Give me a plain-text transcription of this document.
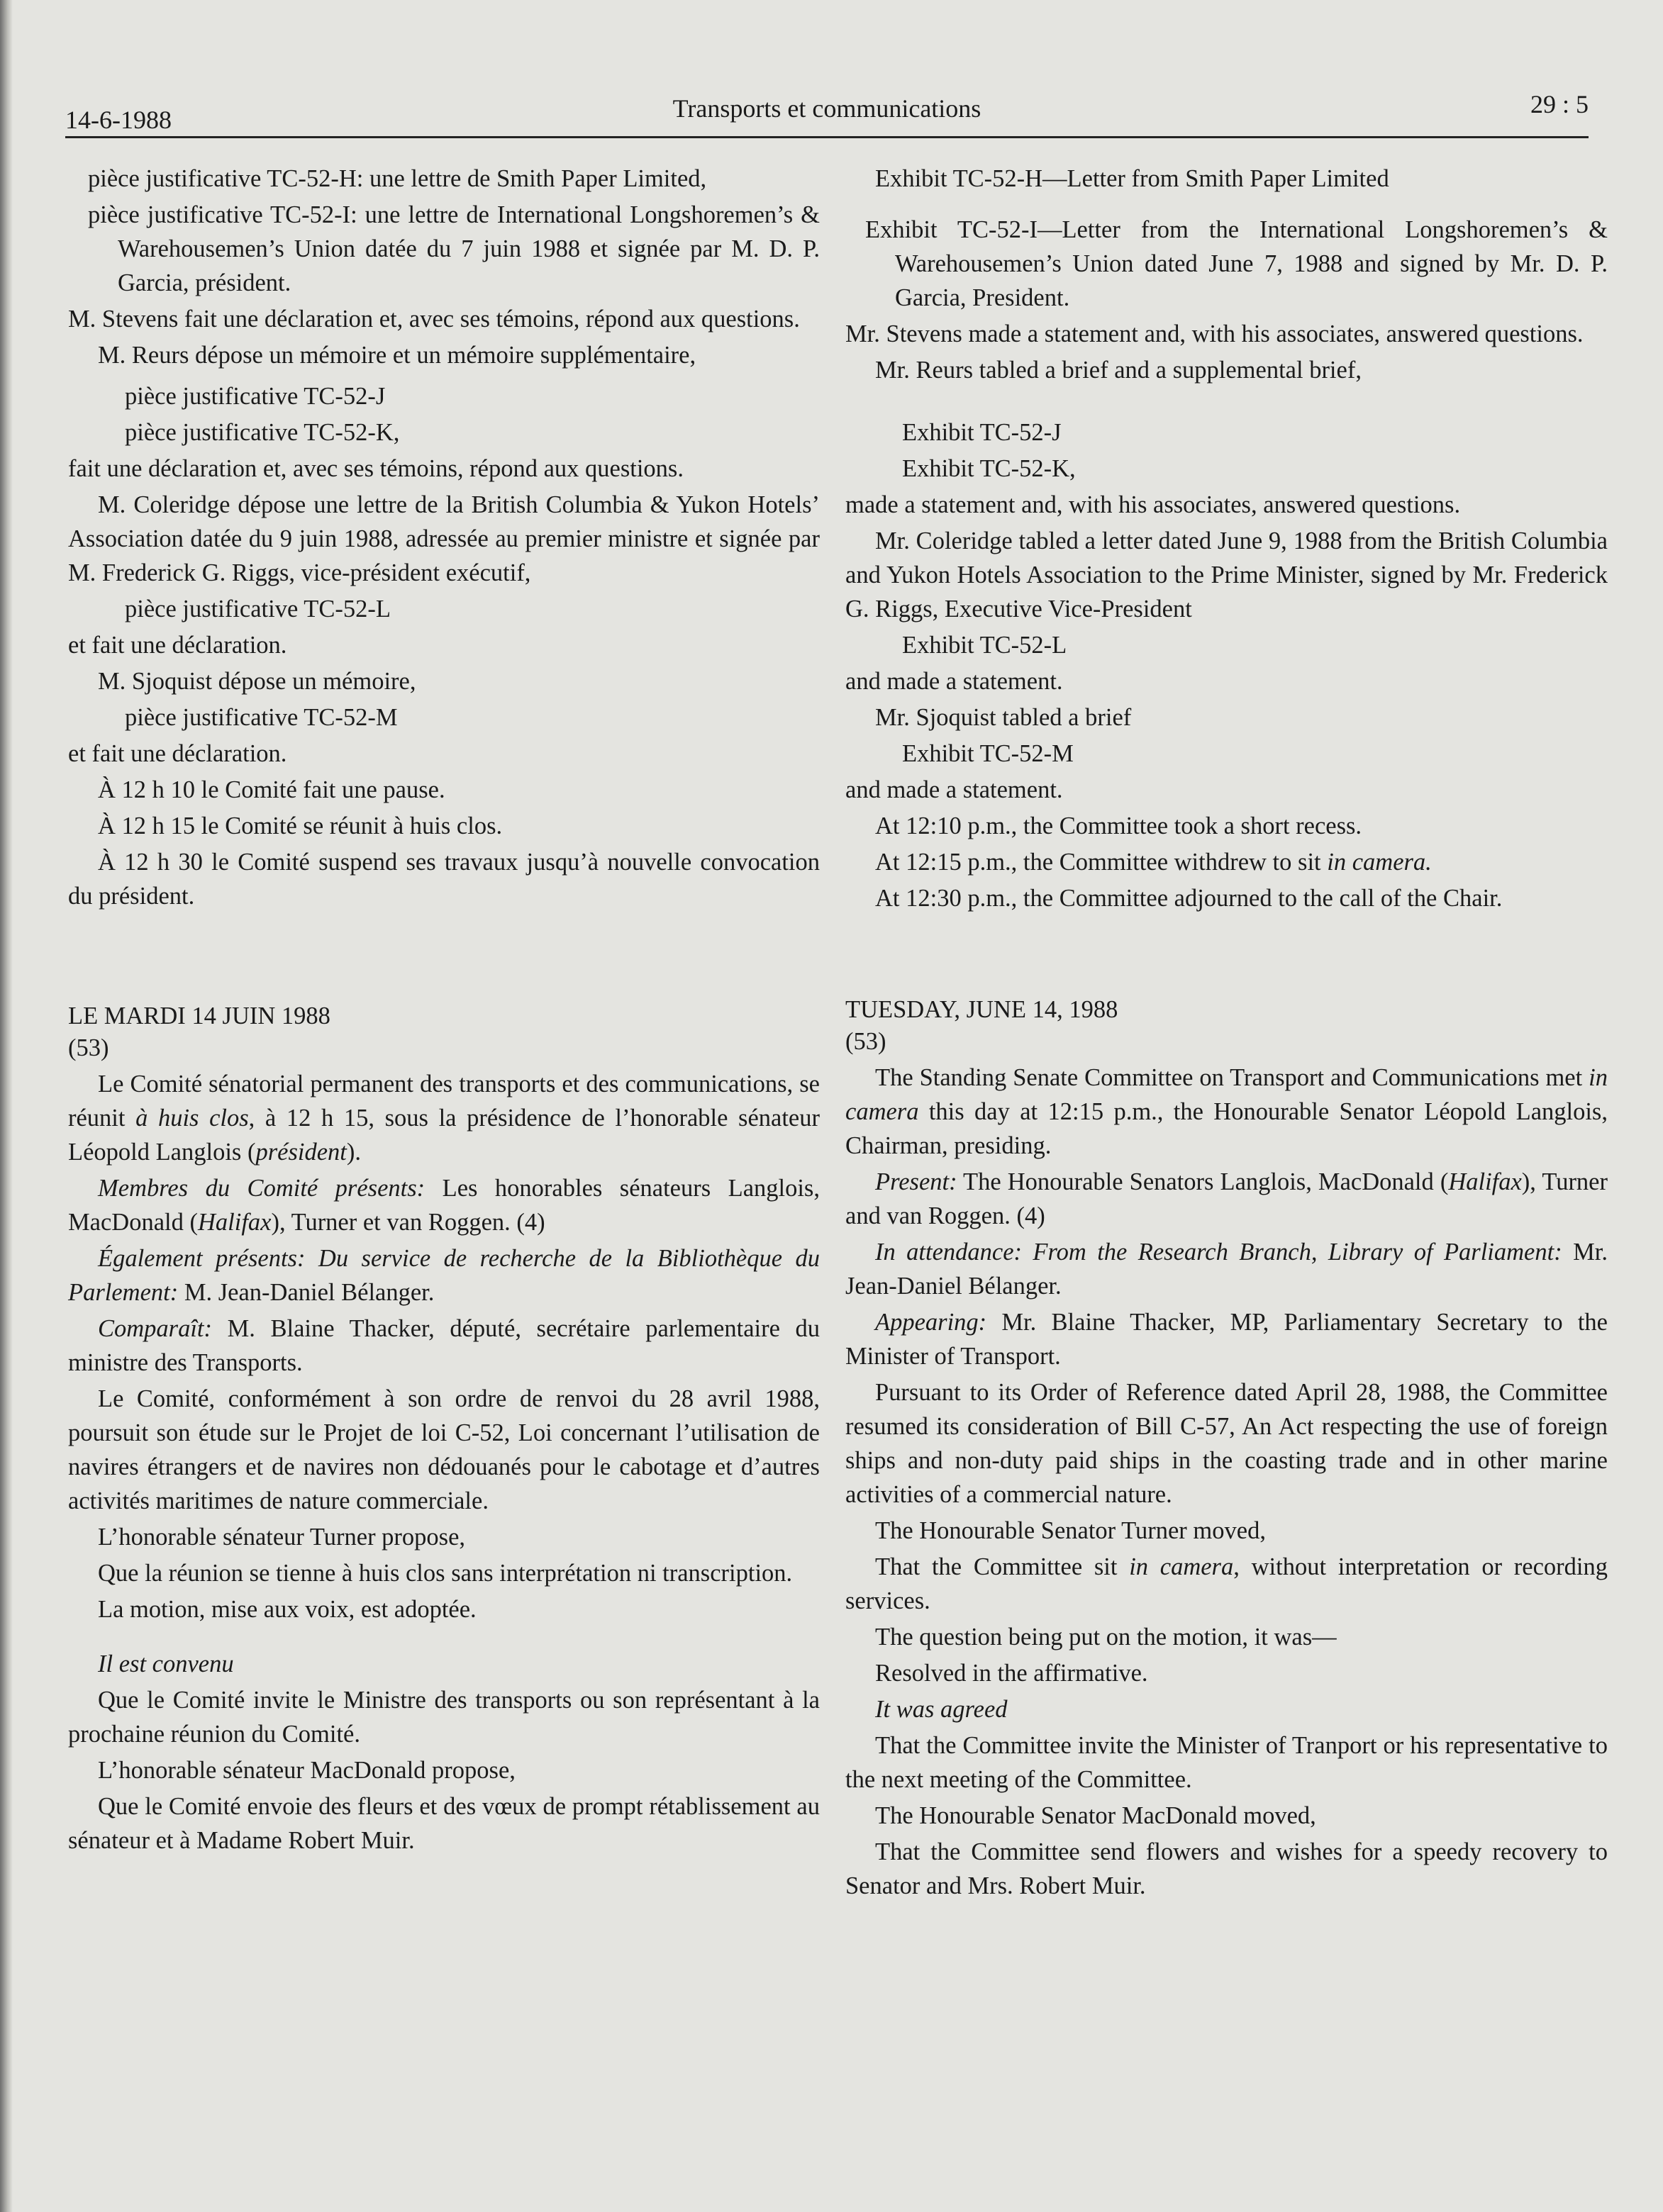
14-6-1988	Transports et communications	29 : 5

pièce justificative TC-52-H: une lettre de Smith Paper Limited,

pièce justificative TC-52-I: une lettre de International Longshoremen’s & Warehousemen’s Union datée du 7 juin 1988 et signée par M. D. P. Garcia, président.

M. Stevens fait une déclaration et, avec ses témoins, répond aux questions.

M. Reurs dépose un mémoire et un mémoire supplémentaire,

pièce justificative TC-52-J

pièce justificative TC-52-K,

fait une déclaration et, avec ses témoins, répond aux questions.

M. Coleridge dépose une lettre de la British Columbia & Yukon Hotels’ Association datée du 9 juin 1988, adressée au premier ministre et signée par M. Frederick G. Riggs, vice-président exécutif,

pièce justificative TC-52-L

et fait une déclaration.

M. Sjoquist dépose un mémoire,

pièce justificative TC-52-M

et fait une déclaration.

À 12 h 10 le Comité fait une pause.

À 12 h 15 le Comité se réunit à huis clos.

À 12 h 30 le Comité suspend ses travaux jusqu’à nouvelle convocation du président.

LE MARDI 14 JUIN 1988

(53)

Le Comité sénatorial permanent des transports et des communications, se réunit à huis clos, à 12 h 15, sous la présidence de l’honorable sénateur Léopold Langlois (président).

Membres du Comité présents: Les honorables sénateurs Langlois, MacDonald (Halifax), Turner et van Roggen. (4)

Également présents: Du service de recherche de la Bibliothèque du Parlement: M. Jean-Daniel Bélanger.

Comparaît: M. Blaine Thacker, député, secrétaire parlementaire du ministre des Transports.

Le Comité, conformément à son ordre de renvoi du 28 avril 1988, poursuit son étude sur le Projet de loi C-52, Loi concernant l’utilisation de navires étrangers et de navires non dédouanés pour le cabotage et d’autres activités maritimes de nature commerciale.

L’honorable sénateur Turner propose,

Que la réunion se tienne à huis clos sans interprétation ni transcription.

La motion, mise aux voix, est adoptée.

Il est convenu

Que le Comité invite le Ministre des transports ou son représentant à la prochaine réunion du Comité.

L’honorable sénateur MacDonald propose,

Que le Comité envoie des fleurs et des vœux de prompt rétablissement au sénateur et à Madame Robert Muir.

Exhibit TC-52-H—Letter from Smith Paper Limited

Exhibit TC-52-I—Letter from the International Longshoremen’s & Warehousemen’s Union dated June 7, 1988 and signed by Mr. D. P. Garcia, President.

Mr. Stevens made a statement and, with his associates, answered questions.

Mr. Reurs tabled a brief and a supplemental brief,

Exhibit TC-52-J

Exhibit TC-52-K,

made a statement and, with his associates, answered questions.

Mr. Coleridge tabled a letter dated June 9, 1988 from the British Columbia and Yukon Hotels Association to the Prime Minister, signed by Mr. Frederick G. Riggs, Executive Vice-President

Exhibit TC-52-L

and made a statement.

Mr. Sjoquist tabled a brief

Exhibit TC-52-M

and made a statement.

At 12:10 p.m., the Committee took a short recess.

At 12:15 p.m., the Committee withdrew to sit in camera.

At 12:30 p.m., the Committee adjourned to the call of the Chair.

TUESDAY, JUNE 14, 1988

(53)

The Standing Senate Committee on Transport and Communications met in camera this day at 12:15 p.m., the Honourable Senator Léopold Langlois, Chairman, presiding.

Present: The Honourable Senators Langlois, MacDonald (Halifax), Turner and van Roggen. (4)

In attendance: From the Research Branch, Library of Parliament: Mr. Jean-Daniel Bélanger.

Appearing: Mr. Blaine Thacker, MP, Parliamentary Secretary to the Minister of Transport.

Pursuant to its Order of Reference dated April 28, 1988, the Committee resumed its consideration of Bill C-57, An Act respecting the use of foreign ships and non-duty paid ships in the coasting trade and in other marine activities of a commercial nature.

The Honourable Senator Turner moved,

That the Committee sit in camera, without interpretation or recording services.

The question being put on the motion, it was—

Resolved in the affirmative.

It was agreed

That the Committee invite the Minister of Tranport or his representative to the next meeting of the Committee.

The Honourable Senator MacDonald moved,

That the Committee send flowers and wishes for a speedy recovery to Senator and Mrs. Robert Muir.
